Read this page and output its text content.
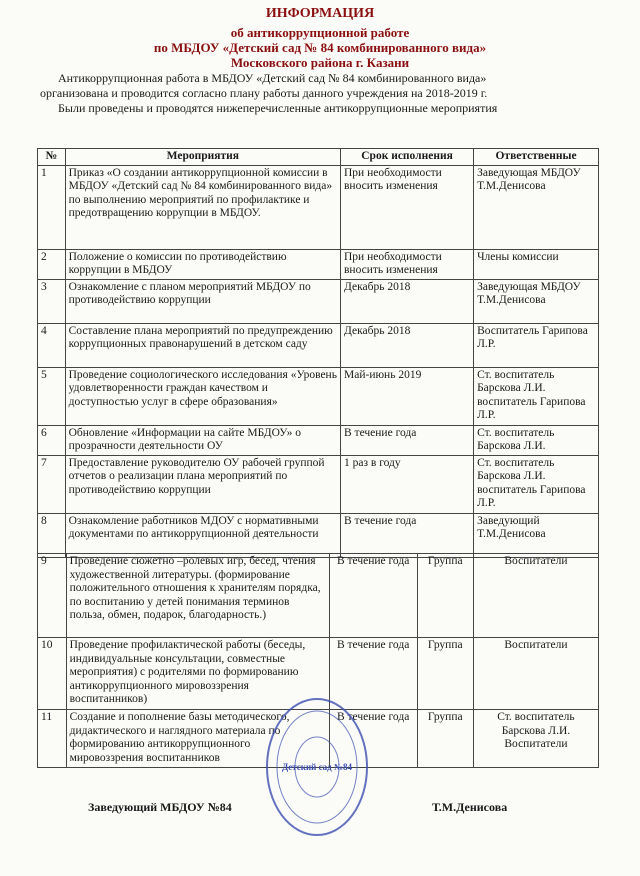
ИНФОРМАЦИЯ
об антикоррупционной работе
по МБДОУ «Детский сад № 84 комбинированного вида»
Московского района г. Казани
Антикоррупционная работа в МБДОУ «Детский сад № 84 комбинированного вида»
организована и проводится согласно плану работы данного учреждения на 2018-2019 г.
Были проведены и проводятся нижеперечисленные антикоррупционные мероприятия
№	Мероприятия	Срок исполнения	Ответственные
1	Приказ «О создании антикоррупционной комиссии в МБДОУ «Детский сад № 84 комбинированного вида» по выполнению мероприятий по профилактике и предотвращению коррупции в МБДОУ.	При необходимости вносить изменения	Заведующая МБДОУ Т.М.Денисова
2	Положение о комиссии по противодействию коррупции в МБДОУ	При необходимости вносить изменения	Члены комиссии
3	Ознакомление с планом мероприятий МБДОУ по противодействию коррупции	Декабрь 2018	Заведующая МБДОУ Т.М.Денисова
4	Составление плана мероприятий по предупреждению коррупционных правонарушений в детском саду	Декабрь 2018	Воспитатель Гарипова Л.Р.
5	Проведение социологического исследования «Уровень удовлетворенности граждан качеством и доступностью услуг в сфере образования»	Май-июнь 2019	Ст. воспитатель Барскова Л.И. воспитатель Гарипова Л.Р.
6	Обновление «Информации на сайте МБДОУ» о прозрачности деятельности ОУ	В течение года	Ст. воспитатель Барскова Л.И.
7	Предоставление руководителю ОУ рабочей группой отчетов о реализации плана мероприятий по противодействию коррупции	1 раз в году	Ст. воспитатель Барскова Л.И. воспитатель Гарипова Л.Р.
8	Ознакомление работников МДОУ с нормативными документами по антикоррупционной деятельности	В течение года	Заведующий Т.М.Денисова
9	Проведение сюжетно –ролевых игр, бесед, чтения художественной литературы. (формирование положительного отношения к хранителям порядка, по воспитанию у детей понимания терминов польза, обмен, подарок, благодарность.)	В течение года	Группа	Воспитатели
10	Проведение профилактической работы (беседы, индивидуальные консультации, совместные мероприятия) с родителями по формированию антикоррупционного мировоззрения воспитанников)	В течение года	Группа	Воспитатели
11	Создание и пополнение базы методического, дидактического и наглядного материала по формированию антикоррупционного мировоззрения воспитанников	В течение года	Группа	Ст. воспитатель Барскова Л.И. Воспитатели
Детский сад №84
Заведующий МБДОУ №84	Т.М.Денисова
